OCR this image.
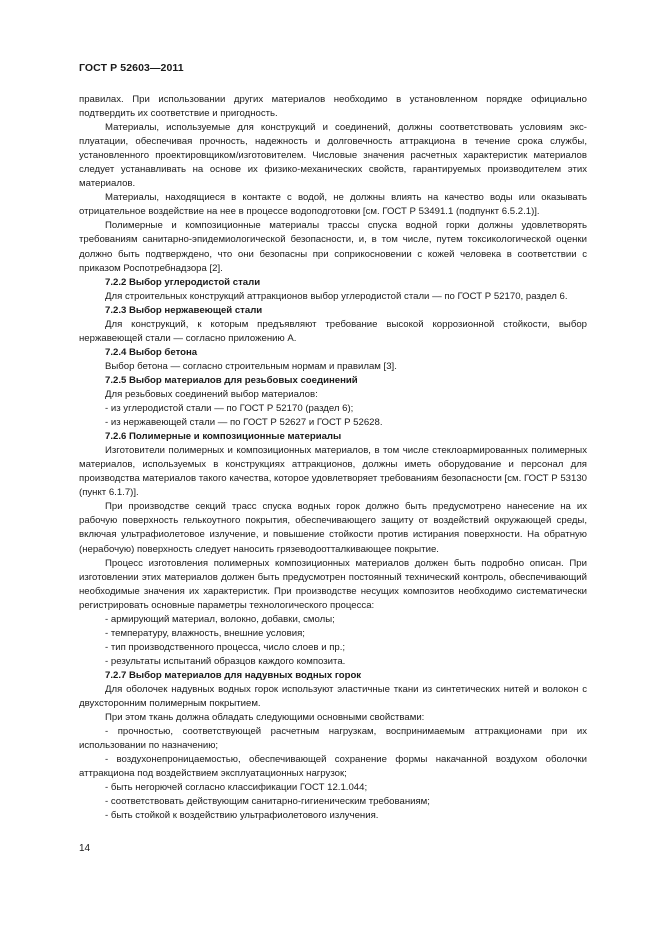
ГОСТ Р 52603—2011

правилах. При использовании других материалов необходимо в установленном порядке официально подтвердить их соответствие и пригодность.

Материалы, используемые для конструкций и соединений, должны соответствовать условиям эксплуатации, обеспечивая прочность, надежность и долговечность аттракциона в течение срока службы, установленного проектировщиком/изготовителем. Числовые значения расчетных характеристик материалов следует устанавливать на основе их физико-механических свойств, гарантируемых производителем этих материалов.

Материалы, находящиеся в контакте с водой, не должны влиять на качество воды или оказывать отрицательное воздействие на нее в процессе водоподготовки [см. ГОСТ Р 53491.1 (подпункт 6.5.2.1)].

Полимерные и композиционные материалы трассы спуска водной горки должны удовлетворять требованиям санитарно-эпидемиологической безопасности, и, в том числе, путем токсикологической оценки должно быть подтверждено, что они безопасны при соприкосновении с кожей человека в соответствии с приказом Роспотребнадзора [2].

7.2.2 Выбор углеродистой стали

Для строительных конструкций аттракционов выбор углеродистой стали — по ГОСТ Р 52170, раздел 6.

7.2.3 Выбор нержавеющей стали

Для конструкций, к которым предъявляют требование высокой коррозионной стойкости, выбор нержавеющей стали — согласно приложению А.

7.2.4 Выбор бетона

Выбор бетона — согласно строительным нормам и правилам [3].

7.2.5 Выбор материалов для резьбовых соединений

Для резьбовых соединений выбор материалов:

- из углеродистой стали — по ГОСТ Р 52170 (раздел 6);

- из нержавеющей стали — по ГОСТ Р 52627 и ГОСТ Р 52628.

7.2.6 Полимерные и композиционные материалы

Изготовители полимерных и композиционных материалов, в том числе стеклоармированных полимерных материалов, используемых в конструкциях аттракционов, должны иметь оборудование и персонал для производства материалов такого качества, которое удовлетворяет требованиям безопасности [см. ГОСТ Р 53130 (пункт 6.1.7)].

При производстве секций трасс спуска водных горок должно быть предусмотрено нанесение на их рабочую поверхность гелькоутного покрытия, обеспечивающего защиту от воздействий окружающей среды, включая ультрафиолетовое излучение, и повышение стойкости против истирания поверхности. На обратную (нерабочую) поверхность следует наносить грязеводоотталкивающее покрытие.

Процесс изготовления полимерных композиционных материалов должен быть подробно описан. При изготовлении этих материалов должен быть предусмотрен постоянный технический контроль, обеспечивающий необходимые значения их характеристик. При производстве несущих композитов необходимо систематически регистрировать основные параметры технологического процесса:

- армирующий материал, волокно, добавки, смолы;

- температуру, влажность, внешние условия;

- тип производственного процесса, число слоев и пр.;

- результаты испытаний образцов каждого композита.

7.2.7 Выбор материалов для надувных водных горок

Для оболочек надувных водных горок используют эластичные ткани из синтетических нитей и волокон с двухсторонним полимерным покрытием.

При этом ткань должна обладать следующими основными свойствами:

- прочностью, соответствующей расчетным нагрузкам, воспринимаемым аттракционами при их использовании по назначению;

- воздухонепроницаемостью, обеспечивающей сохранение формы накачанной воздухом оболочки аттракциона под воздействием эксплуатационных нагрузок;

- быть негорючей согласно классификации ГОСТ 12.1.044;

- соответствовать действующим санитарно-гигиеническим требованиям;

- быть стойкой к воздействию ультрафиолетового излучения.

14
